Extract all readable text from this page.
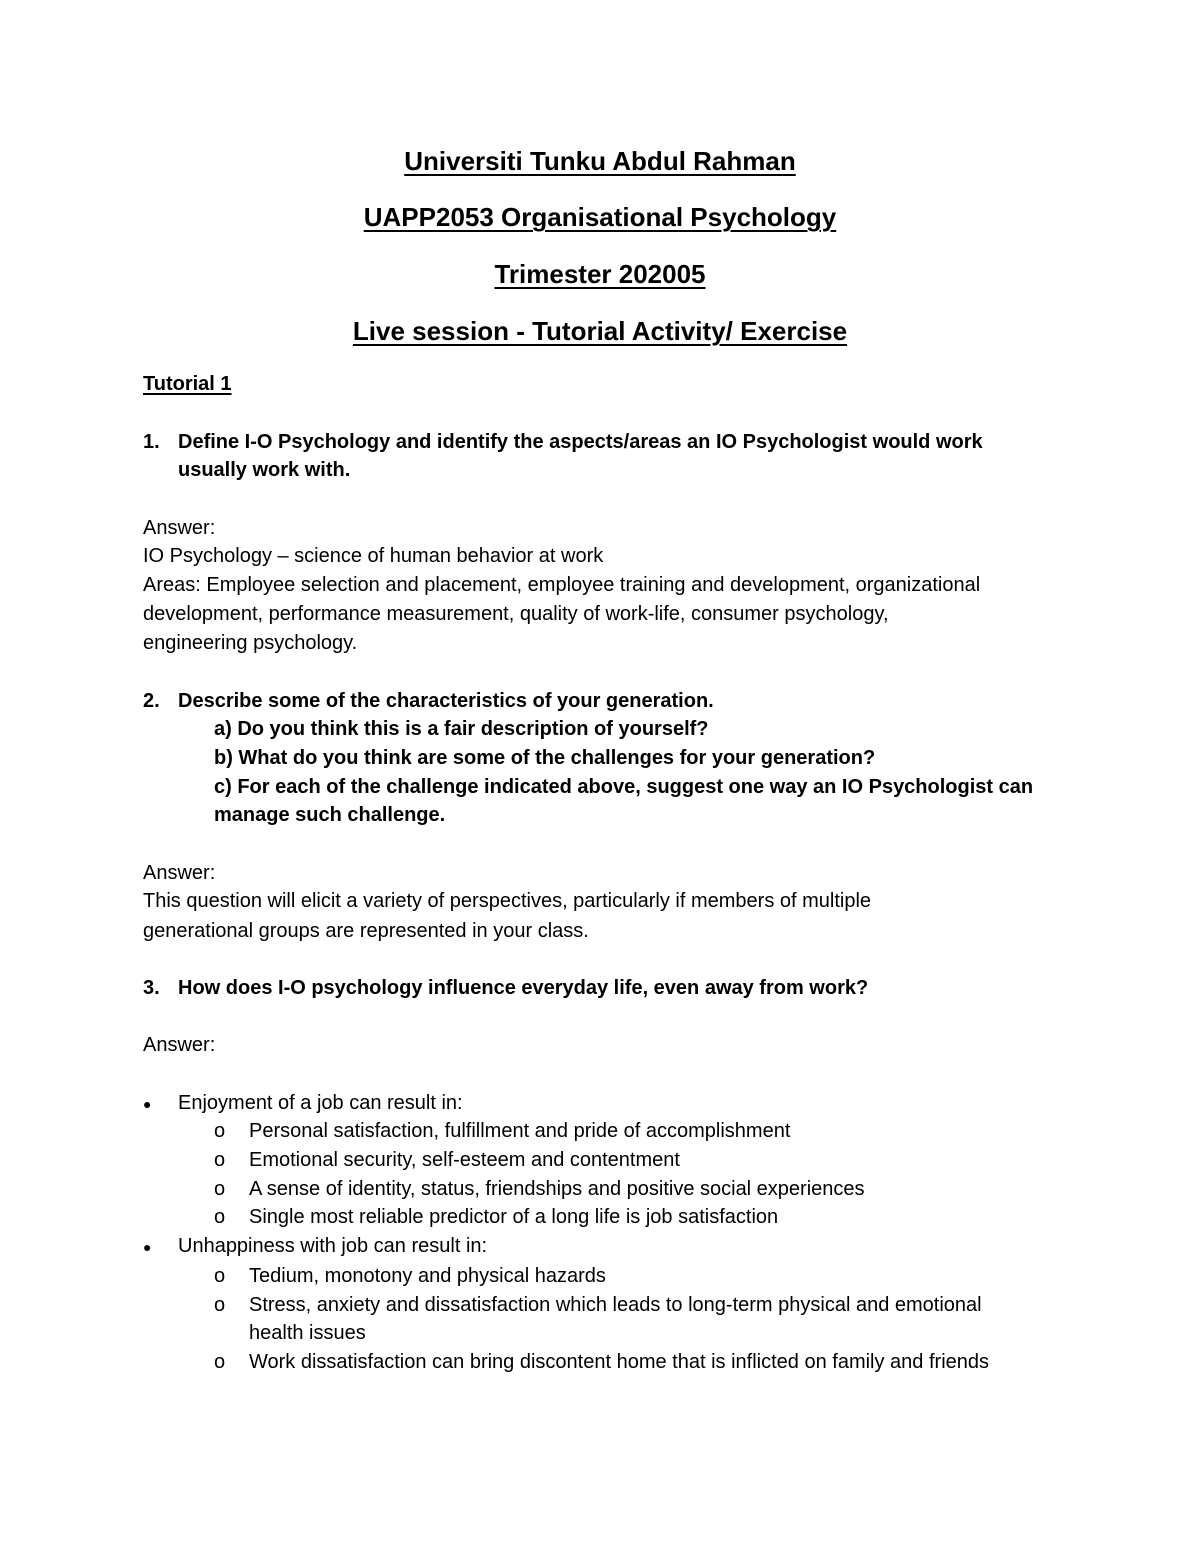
Universiti Tunku Abdul Rahman
UAPP2053 Organisational Psychology
Trimester 202005
Live session - Tutorial Activity/ Exercise
Tutorial 1
1. Define I-O Psychology and identify the aspects/areas an IO Psychologist would work
usually work with.
Answer:
IO Psychology – science of human behavior at work
Areas: Employee selection and placement, employee training and development, organizational
development, performance measurement, quality of work-life, consumer psychology,
engineering psychology.
2. Describe some of the characteristics of your generation.
a) Do you think this is a fair description of yourself?
b) What do you think are some of the challenges for your generation?
c) For each of the challenge indicated above, suggest one way an IO Psychologist can
manage such challenge.
Answer:
This question will elicit a variety of perspectives, particularly if members of multiple
generational groups are represented in your class.
3. How does I-O psychology influence everyday life, even away from work?
Answer:
● Enjoyment of a job can result in:
o Personal satisfaction, fulfillment and pride of accomplishment
o Emotional security, self-esteem and contentment
o A sense of identity, status, friendships and positive social experiences
o Single most reliable predictor of a long life is job satisfaction
● Unhappiness with job can result in:
o Tedium, monotony and physical hazards
o Stress, anxiety and dissatisfaction which leads to long-term physical and emotional
health issues
o Work dissatisfaction can bring discontent home that is inflicted on family and friends
